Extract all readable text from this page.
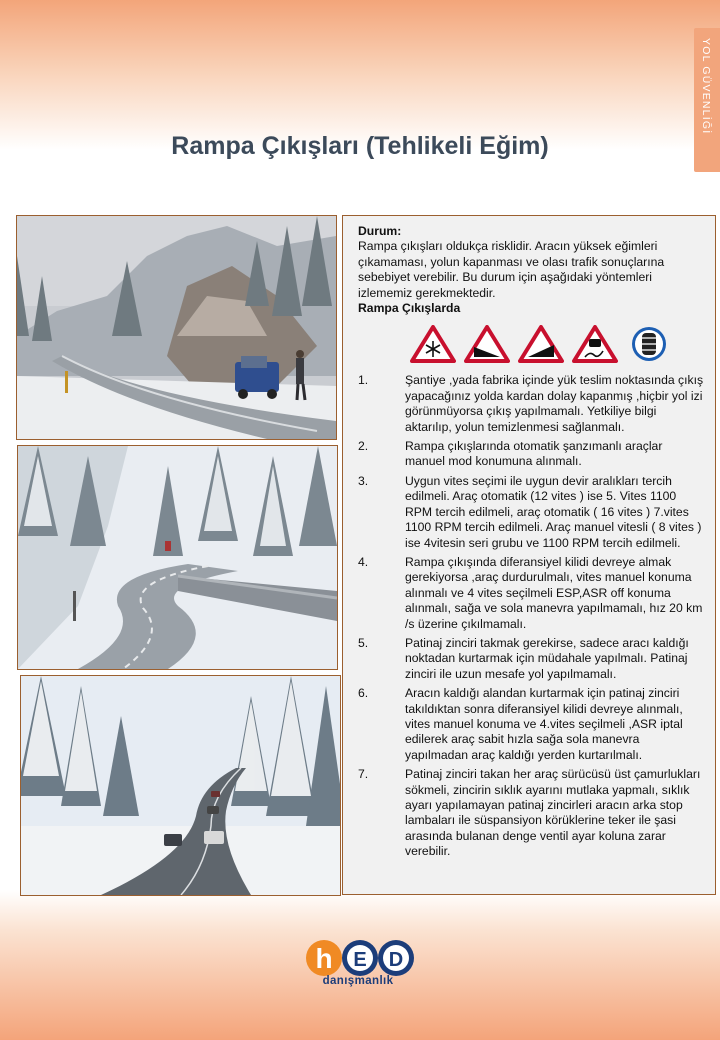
YOL GÜVENLİĞİ
Rampa Çıkışları (Tehlikeli Eğim)
Durum:
Rampa çıkışları oldukça risklidir. Aracın yüksek eğimleri çıkamaması, yolun kapanması ve olası trafik sonuçlarına sebebiyet verebilir. Bu durum için aşağıdaki yöntemleri izlememiz gerekmektedir.
Rampa Çıkışlarda
1.	Şantiye ,yada fabrika içinde yük teslim noktasında çıkış yapacağınız yolda kardan dolay kapanmış ,hiçbir yol izi görünmüyorsa çıkış yapılmamalı. Yetkiliye bilgi aktarılıp, yolun temizlenmesi sağlanmalı.
2.	Rampa çıkışlarında otomatik şanzımanlı araçlar manuel mod konumuna alınmalı.
3.	Uygun vites seçimi ile uygun devir aralıkları tercih edilmeli. Araç otomatik (12 vites ) ise 5. Vites 1100 RPM tercih edilmeli, araç otomatik ( 16 vites ) 7.vites 1100 RPM tercih edilmeli. Araç manuel vitesli ( 8 vites ) ise 4vitesin seri grubu ve 1100 RPM tercih edilmeli.
4.	Rampa çıkışında diferansiyel kilidi devreye almak gerekiyorsa ,araç durdurulmalı, vites manuel konuma alınmalı ve 4 vites seçilmeli ESP,ASR off konuma alınmalı, sağa ve sola manevra yapılmamalı, hız 20 km /s üzerine çıkılmamalı.
5.	Patinaj zinciri takmak gerekirse, sadece aracı kaldığı noktadan kurtarmak için müdahale yapılmalı. Patinaj zinciri ile uzun mesafe yol yapılmamalı.
6.	Aracın kaldığı alandan kurtarmak için patinaj zinciri takıldıktan sonra diferansiyel kilidi devreye alınmalı, vites manuel konuma ve 4.vites seçilmeli ,ASR iptal edilerek araç sabit hızla sağa sola manevra yapılmadan araç kaldığı yerden kurtarılmalı.
7.	Patinaj zinciri takan her araç sürücüsü üst çamurlukları sökmeli, zincirin sıklık ayarını mutlaka yapmalı, sıklık ayarı yapılamayan patinaj zincirleri aracın arka stop lambaları ile süspansiyon körüklerine teker ile şasi arasında bulanan denge ventil ayar koluna zarar verebilir.
h E D
danışmanlık
